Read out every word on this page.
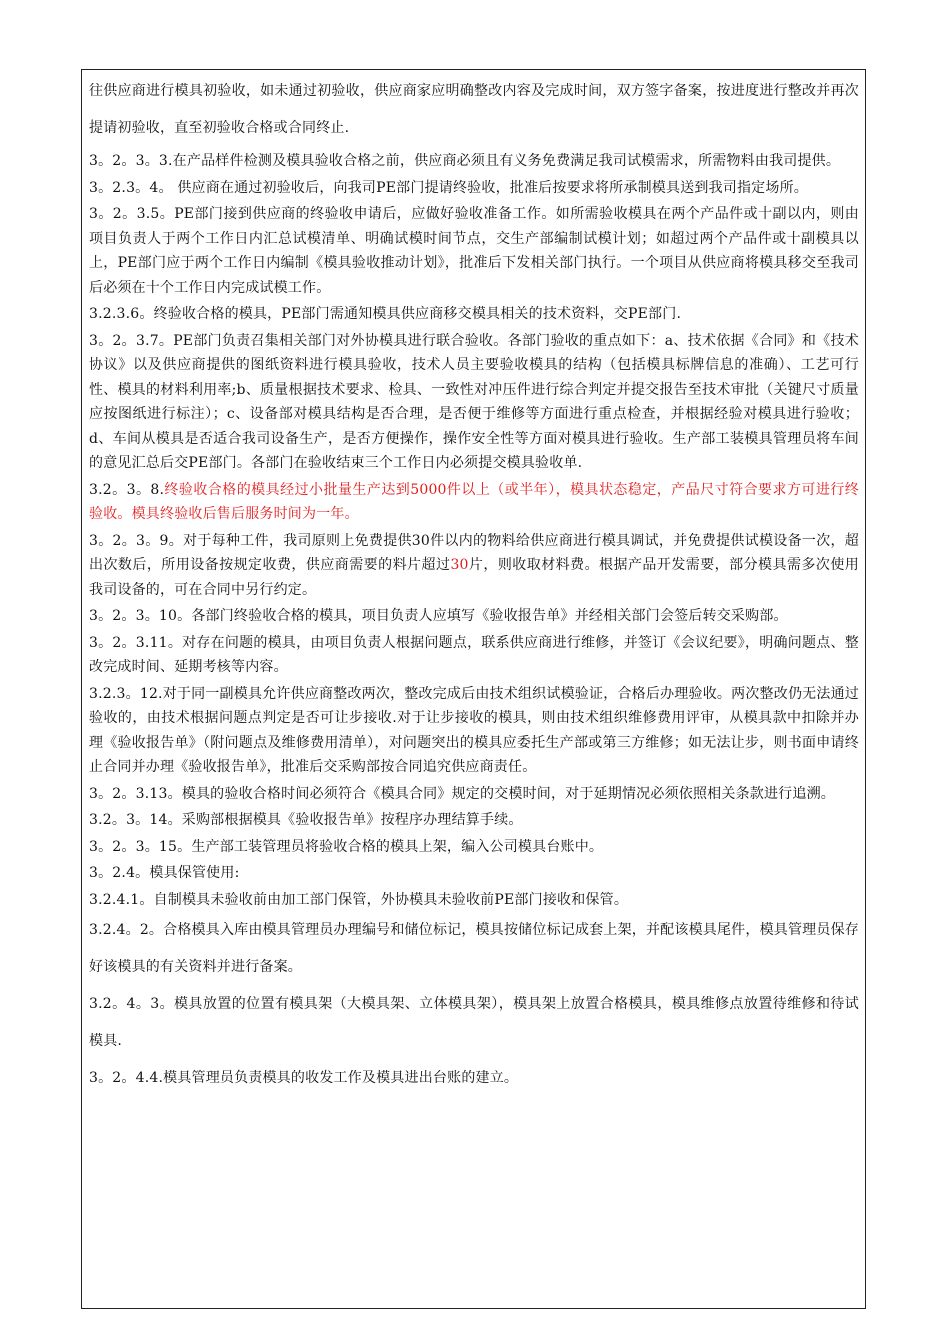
往供应商进行模具初验收，如未通过初验收，供应商家应明确整改内容及完成时间，双方签字备案，按进度进行整改并再次提请初验收，直至初验收合格或合同终止.

3。2。3。3.在产品样件检测及模具验收合格之前，供应商必须且有义务免费满足我司试模需求，所需物料由我司提供。

3。2.3。4。 供应商在通过初验收后，向我司PE部门提请终验收，批准后按要求将所承制模具送到我司指定场所。

3。2。3.5。PE部门接到供应商的终验收申请后，应做好验收准备工作。如所需验收模具在两个产品件或十副以内，则由项目负责人于两个工作日内汇总试模清单、明确试模时间节点，交生产部编制试模计划；如超过两个产品件或十副模具以上，PE部门应于两个工作日内编制《模具验收推动计划》，批准后下发相关部门执行。一个项目从供应商将模具移交至我司后必须在十个工作日内完成试模工作。

3.2.3.6。终验收合格的模具，PE部门需通知模具供应商移交模具相关的技术资料，交PE部门.

3。2。3.7。PE部门负责召集相关部门对外协模具进行联合验收。各部门验收的重点如下：a、技术依据《合同》和《技术协议》以及供应商提供的图纸资料进行模具验收，技术人员主要验收模具的结构（包括模具标牌信息的准确）、工艺可行性、模具的材料利用率;b、质量根据技术要求、检具、一致性对冲压件进行综合判定并提交报告至技术审批（关键尺寸质量应按图纸进行标注）；c、设备部对模具结构是否合理，是否便于维修等方面进行重点检查，并根据经验对模具进行验收；d、车间从模具是否适合我司设备生产，是否方便操作，操作安全性等方面对模具进行验收。生产部工装模具管理员将车间的意见汇总后交PE部门。各部门在验收结束三个工作日内必须提交模具验收单.

3.2。3。8.终验收合格的模具经过小批量生产达到5000件以上（或半年），模具状态稳定，产品尺寸符合要求方可进行终验收。模具终验收后售后服务时间为一年。

3。2。3。9。对于每种工件，我司原则上免费提供30件以内的物料给供应商进行模具调试，并免费提供试模设备一次，超出次数后，所用设备按规定收费，供应商需要的料片超过30片，则收取材料费。根据产品开发需要，部分模具需多次使用我司设备的，可在合同中另行约定。

3。2。3。10。各部门终验收合格的模具，项目负责人应填写《验收报告单》并经相关部门会签后转交采购部。

3。2。3.11。对存在问题的模具，由项目负责人根据问题点，联系供应商进行维修，并签订《会议纪要》，明确问题点、整改完成时间、延期考核等内容。

3.2.3。12.对于同一副模具允许供应商整改两次，整改完成后由技术组织试模验证，合格后办理验收。两次整改仍无法通过验收的，由技术根据问题点判定是否可让步接收.对于让步接收的模具，则由技术组织维修费用评审，从模具款中扣除并办理《验收报告单》（附问题点及维修费用清单），对问题突出的模具应委托生产部或第三方维修；如无法让步，则书面申请终止合同并办理《验收报告单》，批准后交采购部按合同追究供应商责任。

3。2。3.13。模具的验收合格时间必须符合《模具合同》规定的交模时间，对于延期情况必须依照相关条款进行追溯。

3.2。3。14。采购部根据模具《验收报告单》按程序办理结算手续。

3。2。3。15。生产部工装管理员将验收合格的模具上架，编入公司模具台账中。

3。2.4。模具保管使用:

3.2.4.1。自制模具未验收前由加工部门保管，外协模具未验收前PE部门接收和保管。

3.2.4。2。合格模具入库由模具管理员办理编号和储位标记，模具按储位标记成套上架，并配该模具尾件，模具管理员保存好该模具的有关资料并进行备案。

3.2。4。3。模具放置的位置有模具架（大模具架、立体模具架），模具架上放置合格模具，模具维修点放置待维修和待试模具.

3。2。4.4.模具管理员负责模具的收发工作及模具进出台账的建立。
